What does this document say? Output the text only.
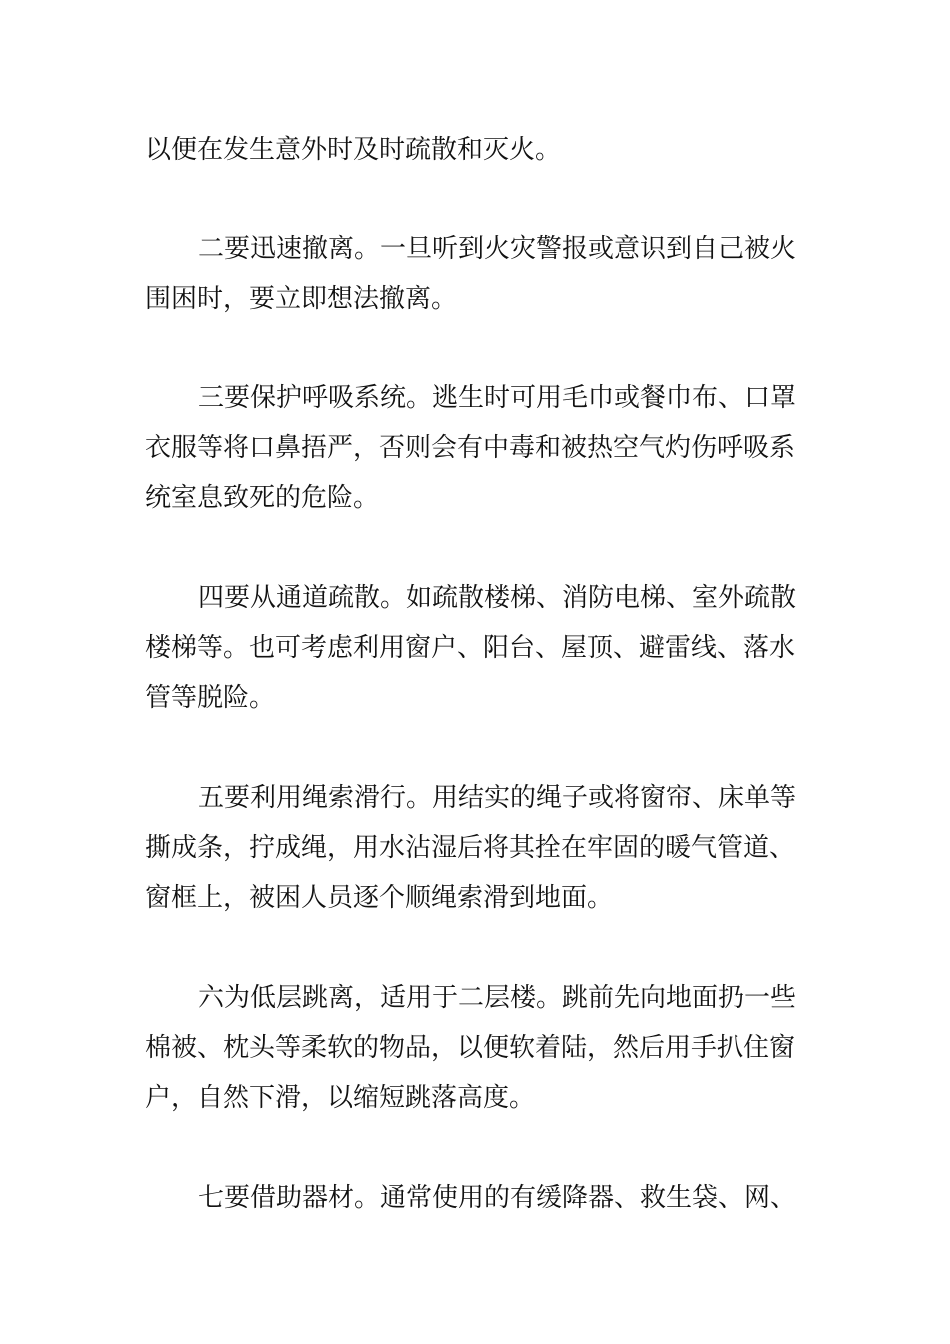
以便在发生意外时及时疏散和灭火。
二要迅速撤离。一旦听到火灾警报或意识到自己被火
围困时，要立即想法撤离。
三要保护呼吸系统。逃生时可用毛巾或餐巾布、口罩
衣服等将口鼻捂严，否则会有中毒和被热空气灼伤呼吸系
统室息致死的危险。
四要从通道疏散。如疏散楼梯、消防电梯、室外疏散
楼梯等。也可考虑利用窗户、阳台、屋顶、避雷线、落水
管等脱险。
五要利用绳索滑行。用结实的绳子或将窗帘、床单等
撕成条，拧成绳，用水沾湿后将其拴在牢固的暖气管道、
窗框上，被困人员逐个顺绳索滑到地面。
六为低层跳离，适用于二层楼。跳前先向地面扔一些
棉被、枕头等柔软的物品，以便软着陆，然后用手扒住窗
户，自然下滑，以缩短跳落高度。
七要借助器材。通常使用的有缓降器、救生袋、网、
